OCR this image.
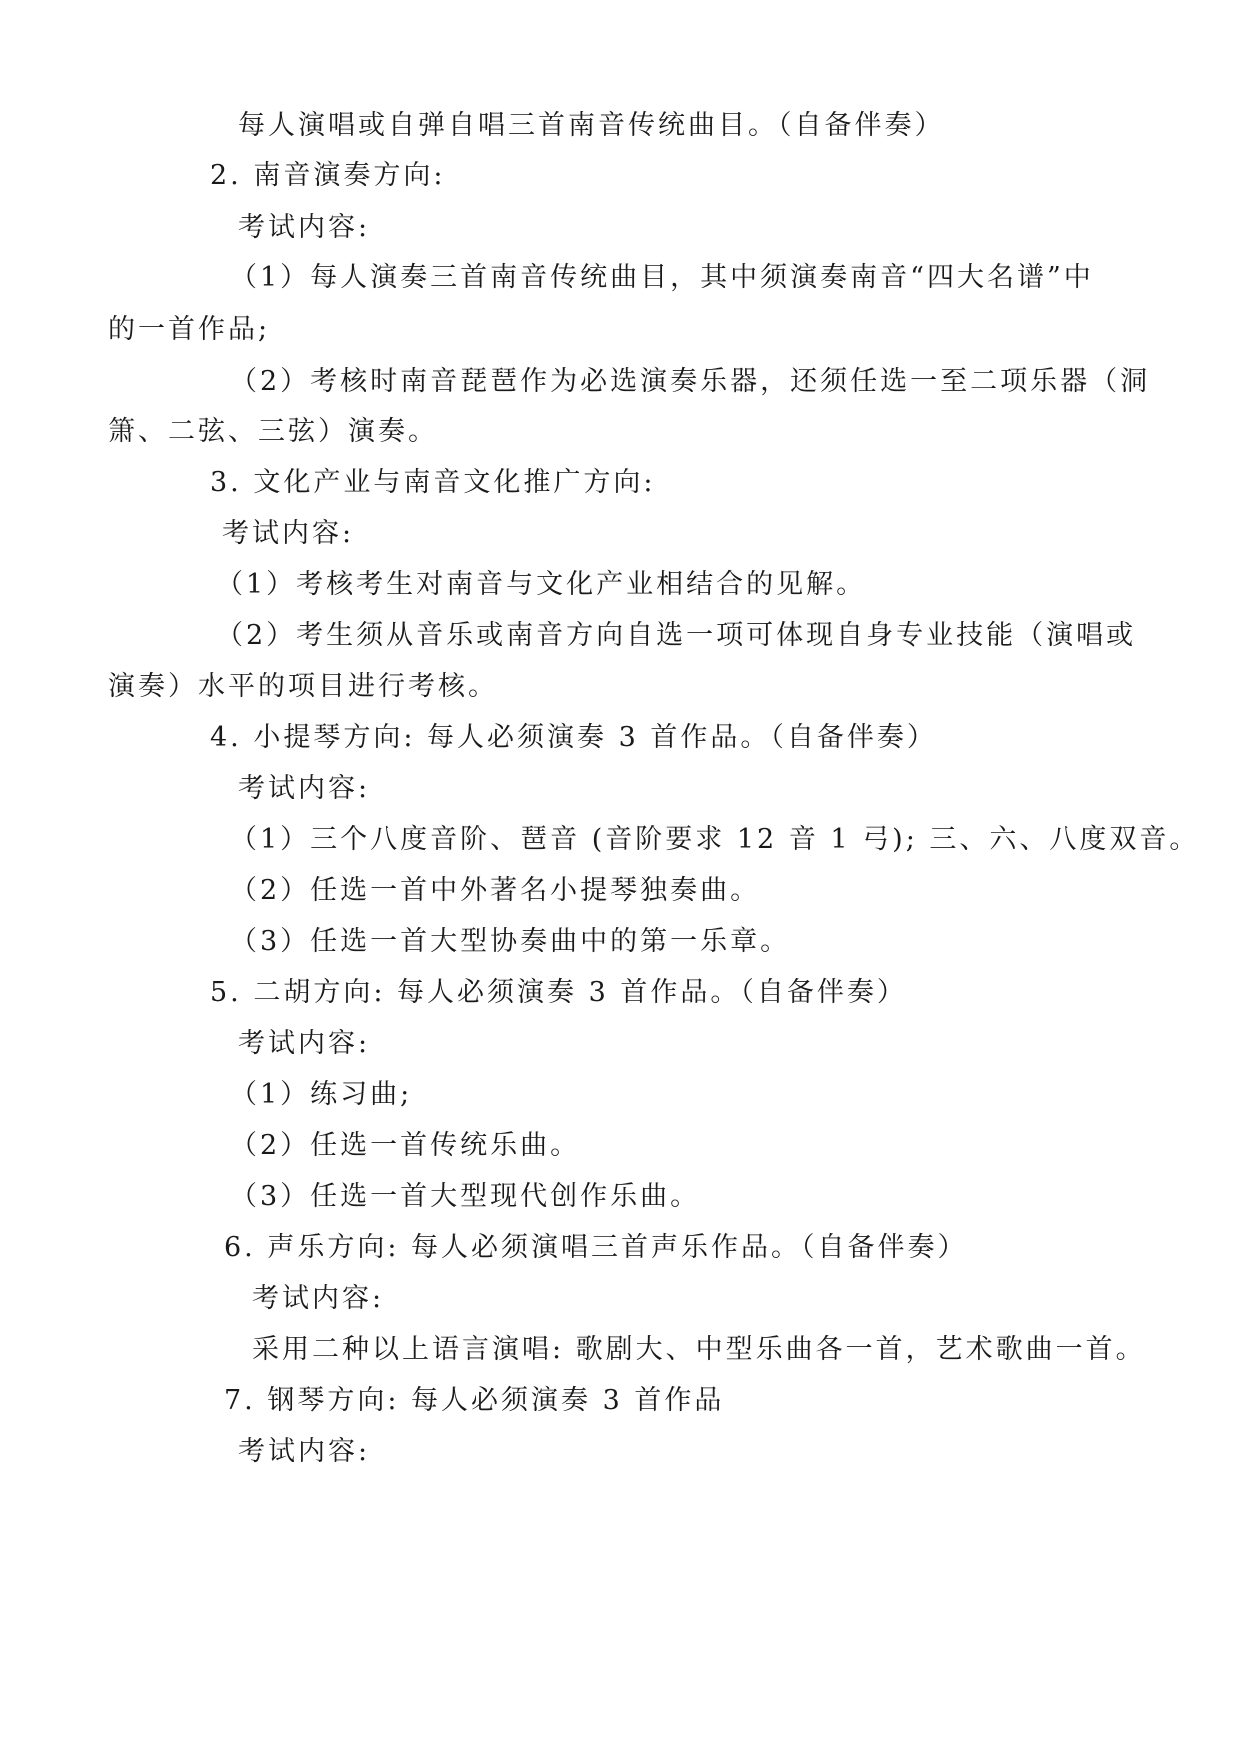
每人演唱或自弹自唱三首南音传统曲目。（自备伴奏）
2. 南音演奏方向:
考试内容:
（1）每人演奏三首南音传统曲目，其中须演奏南音“四大名谱”中
的一首作品;
（2）考核时南音琵琶作为必选演奏乐器，还须任选一至二项乐器（洞
箫、二弦、三弦）演奏。
3. 文化产业与南音文化推广方向:
考试内容:
（1）考核考生对南音与文化产业相结合的见解。
（2）考生须从音乐或南音方向自选一项可体现自身专业技能（演唱或
演奏）水平的项目进行考核。
4. 小提琴方向: 每人必须演奏 3 首作品。（自备伴奏）
考试内容:
（1）三个八度音阶、琶音 (音阶要求 12 音 1 弓); 三、六、八度双音。
（2）任选一首中外著名小提琴独奏曲。
（3）任选一首大型协奏曲中的第一乐章。
5. 二胡方向: 每人必须演奏 3 首作品。（自备伴奏）
考试内容:
（1）练习曲;
（2）任选一首传统乐曲。
（3）任选一首大型现代创作乐曲。
6. 声乐方向: 每人必须演唱三首声乐作品。（自备伴奏）
考试内容:
采用二种以上语言演唱: 歌剧大、中型乐曲各一首，艺术歌曲一首。
7. 钢琴方向: 每人必须演奏 3 首作品
考试内容:
